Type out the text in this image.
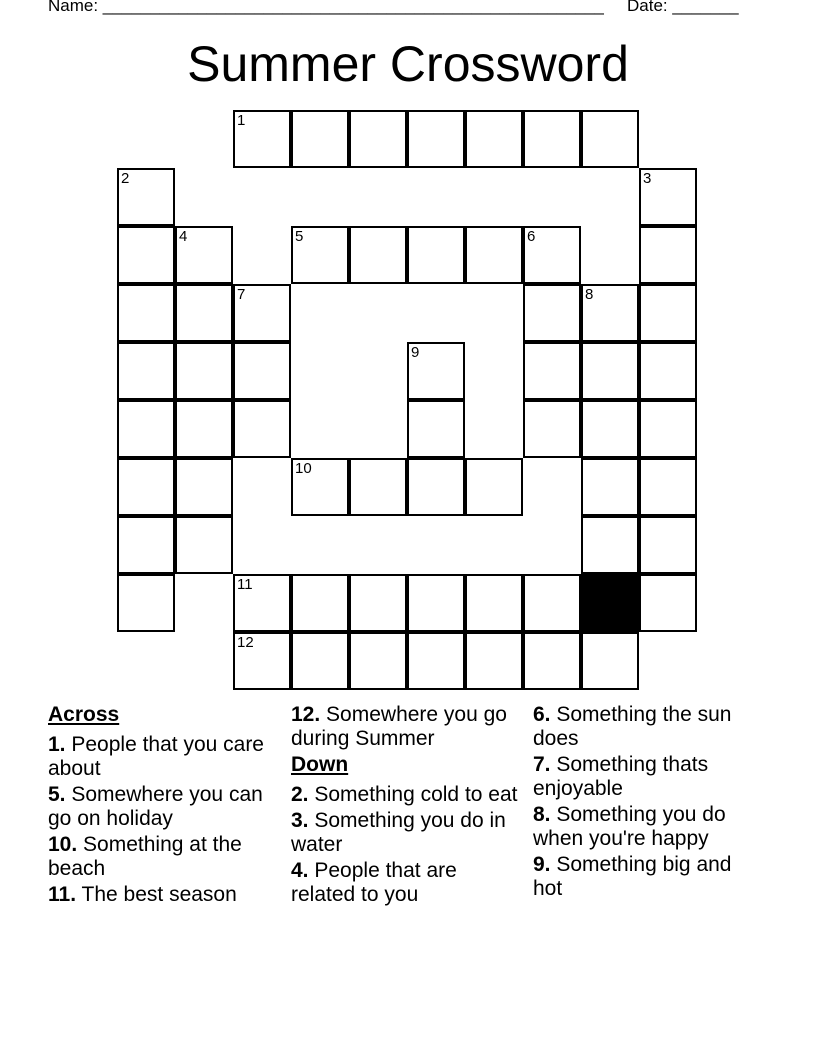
Name: _____________________________________________________ Date: _______
Summer Crossword
1
2	3
4	5	6
7	8
9
10
11
12
Across
1. People that you care about
5. Somewhere you can go on holiday
10. Something at the beach
11. The best season
12. Somewhere you go during Summer
Down
2. Something cold to eat
3. Something you do in water
4. People that are related to you
6. Something the sun does
7. Something thats enjoyable
8. Something you do when you're happy
9. Something big and hot
